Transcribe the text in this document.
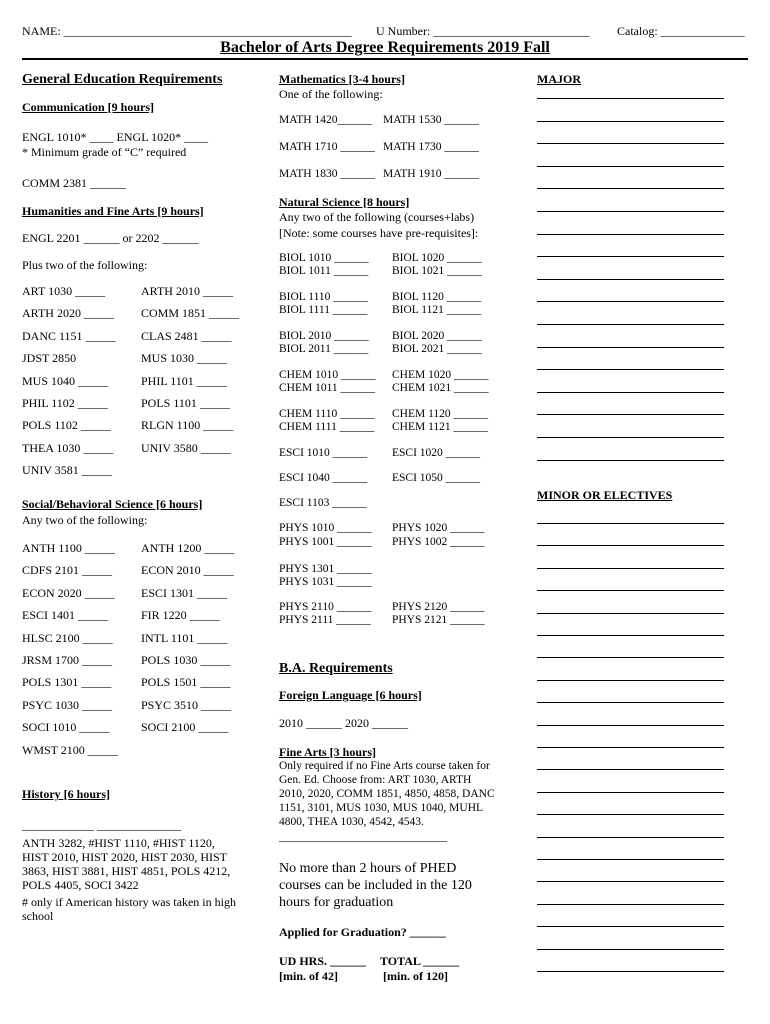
NAME: ________________________________________________ U Number: __________________________ Catalog: ______________
Bachelor of Arts Degree Requirements 2019 Fall
General Education Requirements
Communication [9 hours]
ENGL 1010* ____ ENGL 1020* ____
* Minimum grade of “C” required
COMM 2381 ______
Humanities and Fine Arts [9 hours]
ENGL 2201 ______ or 2202 ______
Plus two of the following:
ART 1030 _____
ARTH 2020 _____
DANC 1151 _____
JDST 2850
MUS 1040 _____
PHIL 1102 _____
POLS 1102 _____
THEA 1030 _____
UNIV 3581 _____
ARTH 2010 _____
COMM 1851 _____
CLAS 2481 _____
MUS 1030 _____
PHIL 1101 _____
POLS 1101 _____
RLGN 1100 _____
UNIV 3580 _____
Social/Behavioral Science [6 hours]
Any two of the following:
ANTH 1100 _____
CDFS 2101 _____
ECON 2020 _____
ESCI 1401 _____
HLSC 2100 _____
JRSM 1700 _____
POLS 1301 _____
PSYC 1030 _____
SOCI 1010 _____
WMST 2100 _____
ANTH 1200 _____
ECON 2010 _____
ESCI 1301 _____
FIR 1220 _____
INTL 1101 _____
POLS 1030 _____
POLS 1501 _____
PSYC 3510 _____
SOCI 2100 _____
History [6 hours]
____________ ______________
ANTH 3282, #HIST 1110, #HIST 1120, HIST 2010, HIST 2020, HIST 2030, HIST 3863, HIST 3881, HIST 4851, POLS 4212, POLS 4405, SOCI 3422
# only if American history was taken in high school
Mathematics [3-4 hours]
One of the following:
MATH 1420______ MATH 1530 ______
MATH 1710 ______ MATH 1730 ______
MATH 1830 ______ MATH 1910 ______
Natural Science [8 hours]
Any two of the following (courses+labs)
[Note: some courses have pre-requisites]:
BIOL 1010 ______
BIOL 1011 ______
BIOL 1020 ______
BIOL 1021 ______
BIOL 1110 ______
BIOL 1111 ______
BIOL 1120 ______
BIOL 1121 ______
BIOL 2010 ______
BIOL 2011 ______
BIOL 2020 ______
BIOL 2021 ______
CHEM 1010 ______
CHEM 1011 ______
CHEM 1020 ______
CHEM 1021 ______
CHEM 1110 ______
CHEM 1111 ______
CHEM 1120 ______
CHEM 1121 ______
ESCI 1010 ______ ESCI 1020 ______
ESCI 1040 ______ ESCI 1050 ______
ESCI 1103 ______
PHYS 1010 ______
PHYS 1001 ______
PHYS 1020 ______
PHYS 1002 ______
PHYS 1301 ______
PHYS 1031 ______
PHYS 2110 ______
PHYS 2111 ______
PHYS 2120 ______
PHYS 2121 ______
B.A. Requirements
Foreign Language [6 hours]
2010 ______ 2020 ______
Fine Arts [3 hours]
Only required if no Fine Arts course taken for Gen. Ed. Choose from: ART 1030, ARTH 2010, 2020, COMM 1851, 4850, 4858, DANC 1151, 3101, MUS 1030, MUS 1040, MUHL 4800, THEA 1030, 4542, 4543.
____________________________
No more than 2 hours of PHED courses can be included in the 120 hours for graduation
Applied for Graduation? ______
UD HRS. ______
[min. of 42]
TOTAL ______
[min. of 120]
MAJOR
MINOR OR ELECTIVES
